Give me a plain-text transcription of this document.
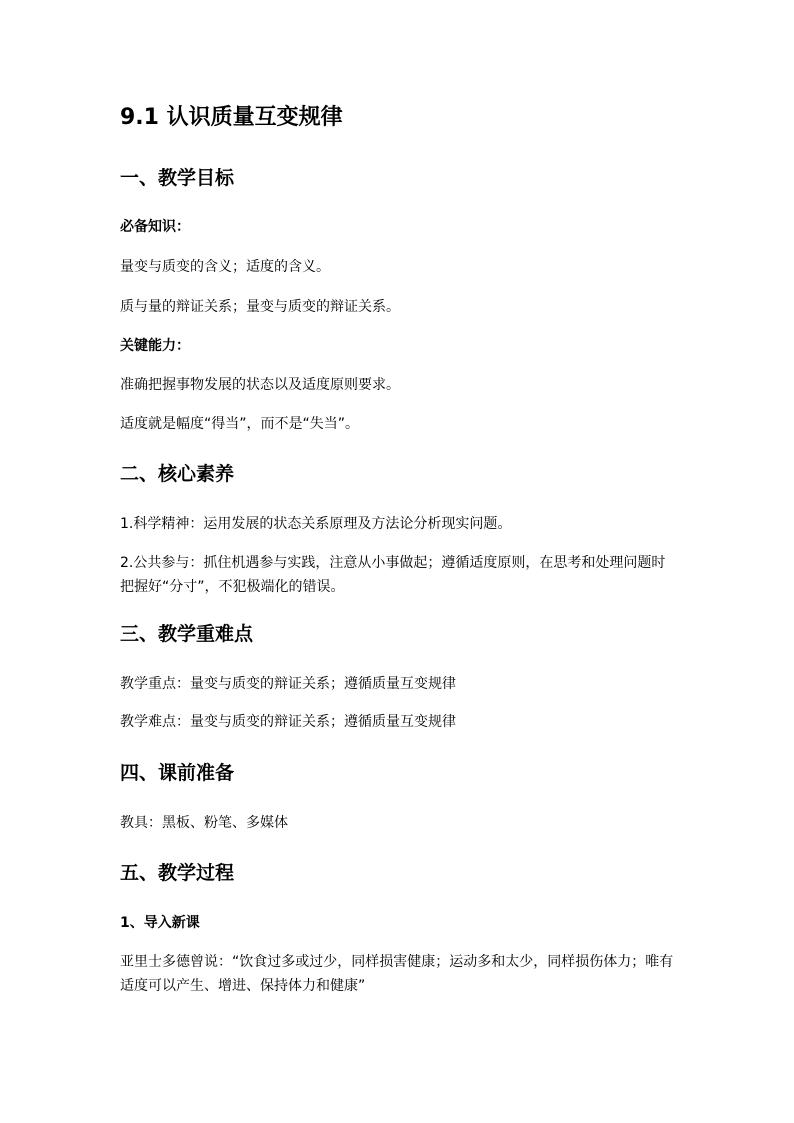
9.1 认识质量互变规律
一、教学目标
必备知识：

量变与质变的含义；适度的含义。

质与量的辩证关系；量变与质变的辩证关系。

关键能力：

准确把握事物发展的状态以及适度原则要求。

适度就是幅度“得当”，而不是“失当”。

二、核心素养

1.科学精神：运用发展的状态关系原理及方法论分析现实问题。

2.公共参与：抓住机遇参与实践，注意从小事做起；遵循适度原则，在思考和处理问题时把握好“分寸”，不犯极端化的错误。

三、教学重难点

教学重点：量变与质变的辩证关系；遵循质量互变规律

教学难点：量变与质变的辩证关系；遵循质量互变规律

四、课前准备

教具：黑板、粉笔、多媒体

五、教学过程
1、导入新课

亚里士多德曾说：“饮食过多或过少，同样损害健康；运动多和太少，同样损伤体力；唯有适度可以产生、增进、保持体力和健康”
